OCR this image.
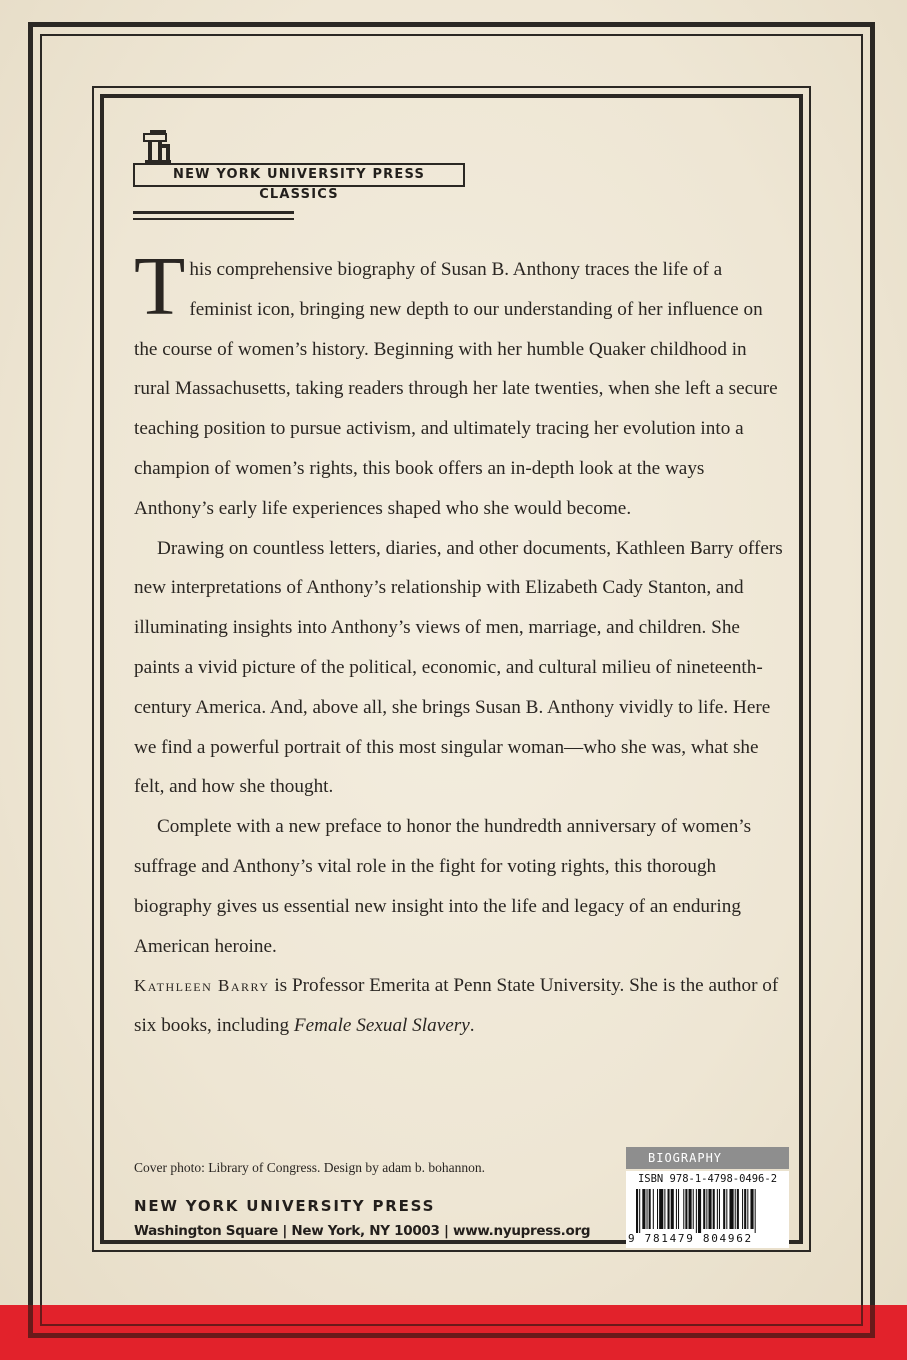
NEW YORK UNIVERSITY PRESS CLASSICS

This comprehensive biography of Susan B. Anthony traces the life of a feminist icon, bringing new depth to our understanding of her influence on the course of women’s history. Beginning with her humble Quaker childhood in rural Massachusetts, taking readers through her late twenties, when she left a secure teaching position to pursue activism, and ultimately tracing her evolution into a champion of women’s rights, this book offers an in-depth look at the ways Anthony’s early life experiences shaped who she would become.

Drawing on countless letters, diaries, and other documents, Kathleen Barry offers new interpretations of Anthony’s relationship with Elizabeth Cady Stanton, and illuminating insights into Anthony’s views of men, marriage, and children. She paints a vivid picture of the political, economic, and cultural milieu of nineteenth-century America. And, above all, she brings Susan B. Anthony vividly to life. Here we find a powerful portrait of this most singular woman—who she was, what she felt, and how she thought.

Complete with a new preface to honor the hundredth anniversary of women’s suffrage and Anthony’s vital role in the fight for voting rights, this thorough biography gives us essential new insight into the life and legacy of an enduring American heroine.

Kathleen Barry is Professor Emerita at Penn State University. She is the author of six books, including Female Sexual Slavery.

Cover photo: Library of Congress. Design by adam b. bohannon.
NEW YORK UNIVERSITY PRESS
Washington Square | New York, NY 10003 | www.nyupress.org
BIOGRAPHY
ISBN 978-1-4798-0496-2
9 781479 804962
